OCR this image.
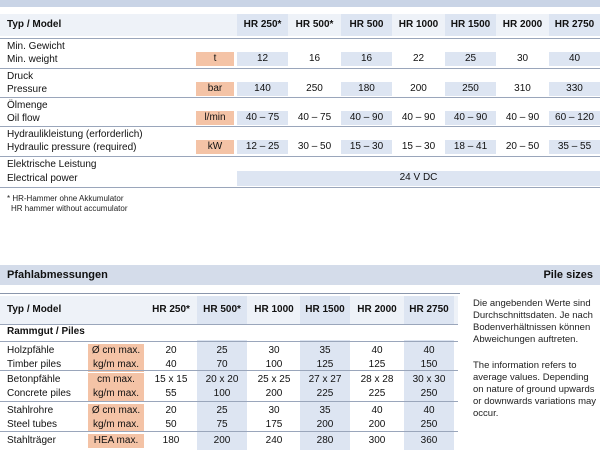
Typ / Model	HR 250*	HR 500*	HR 500	HR 1000	HR 1500	HR 2000	HR 2750
Min. Gewicht
Min. weight	t	12	16	16	22	25	30	40
Druck
Pressure	bar	140	250	180	200	250	310	330
Ölmenge
Oil flow	l/min	40 – 75	40 – 75	40 – 90	40 – 90	40 – 90	40 – 90	60 – 120
Hydraulikleistung (erforderlich)
Hydraulic pressure (required)	kW	12 – 25	30 – 50	15 – 30	15 – 30	18 – 41	20 – 50	35 – 55
Elektrische Leistung
Electrical power	24 V DC
* HR-Hammer ohne Akkumulator
HR hammer without accumulator
Pfahlabmessungen	Pile sizes
Typ / Model	HR 250*	HR 500*	HR 1000	HR 1500	HR 2000	HR 2750
Rammgut / Piles
Holzpfähle	Ø cm max.	20	25	30	35	40	40
Timber piles	kg/m max.	40	70	100	125	125	150
Betonpfähle	cm max.	15 x 15	20 x 20	25 x 25	27 x 27	28 x 28	30 x 30
Concrete piles	kg/m max.	55	100	200	225	225	250
Stahlrohre	Ø cm max.	20	25	30	35	40	40
Steel tubes	kg/m max.	50	75	175	200	200	250
Stahlträger	HEA max.	180	200	240	280	300	360
Die angebenden Werte sind Durchschnittsdaten. Je nach Bodenverhältnissen können Abweichungen auftreten.
The information refers to average values. Depending on nature of ground upwards or downwards variations may occur.
